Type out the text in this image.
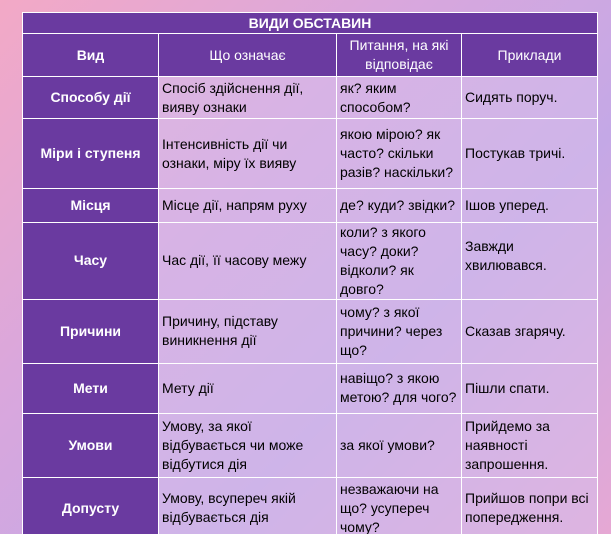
ВИДИ ОБСТАВИН			
Вид	Що означає	Питання, на які відповідає	Приклади
Способу дії	Спосіб здійснення дії, виявy ознаки	як? яким способом?	Сидять поруч.
Міри і ступеня	Інтенсивність дії чи ознаки, міру їх вияву	якою мірою? як часто? скільки разів? наскільки?	Постукав тричі.
Місця	Місце дії, напрям руху	де? куди? звідки?	Ішов уперед.
Часу	Час дії, її часову межу	коли? з якого часу? доки? відколи? як довго?	Завжди хвилювався.
Причини	Причину, підставу виникнення дії	чому? з якої причини? через що?	Сказав згарячу.
Мети	Мету дії	навіщо? з якою метою? для чого?	Пішли спати.
Умови	Умову, за якої відбувається чи може відбутися дія	за якої умови?	Прийдемо за наявності запрошення.
Допусту	Умову, всупереч якій відбувається дія	незважаючи на що? усупереч чому?	Прийшов попри всі попередження.
